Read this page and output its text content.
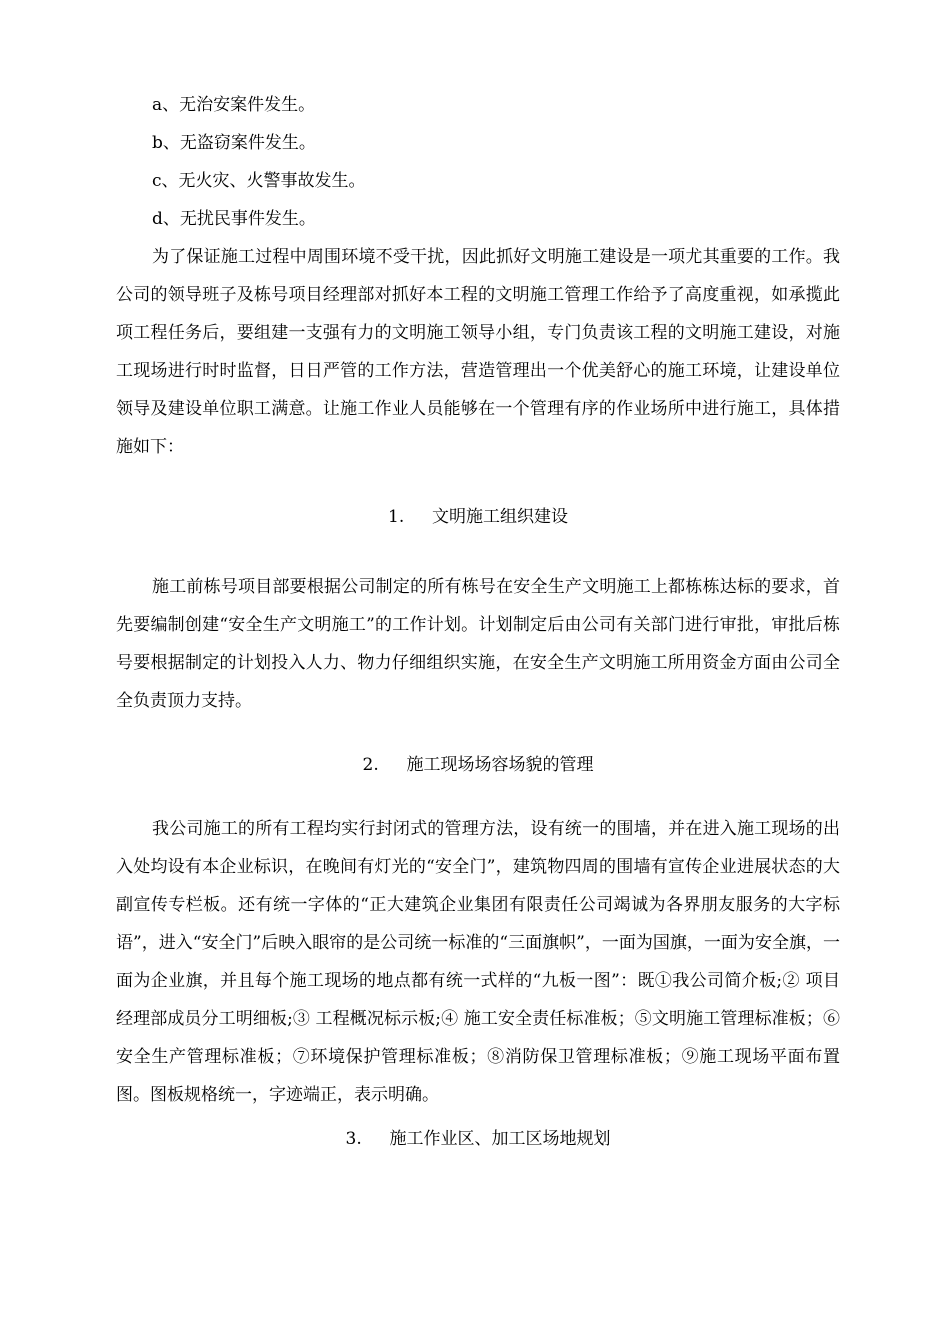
a、无治安案件发生。

b、无盗窃案件发生。

c、无火灾、火警事故发生。

d、无扰民事件发生。

为了保证施工过程中周围环境不受干扰，因此抓好文明施工建设是一项尤其重要的工作。我公司的领导班子及栋号项目经理部对抓好本工程的文明施工管理工作给予了高度重视，如承揽此项工程任务后，要组建一支强有力的文明施工领导小组，专门负责该工程的文明施工建设，对施工现场进行时时监督，日日严管的工作方法，营造管理出一个优美舒心的施工环境，让建设单位领导及建设单位职工满意。让施工作业人员能够在一个管理有序的作业场所中进行施工，具体措施如下：

1. 文明施工组织建设

施工前栋号项目部要根据公司制定的所有栋号在安全生产文明施工上都栋栋达标的要求，首先要编制创建“安全生产文明施工”的工作计划。计划制定后由公司有关部门进行审批，审批后栋号要根据制定的计划投入人力、物力仔细组织实施，在安全生产文明施工所用资金方面由公司全全负责顶力支持。

2. 施工现场场容场貌的管理

我公司施工的所有工程均实行封闭式的管理方法，设有统一的围墙，并在进入施工现场的出入处均设有本企业标识，在晚间有灯光的“安全门”，建筑物四周的围墙有宣传企业进展状态的大副宣传专栏板。还有统一字体的“正大建筑企业集团有限责任公司竭诚为各界朋友服务的大字标语”，进入“安全门”后映入眼帘的是公司统一标准的“三面旗帜”，一面为国旗，一面为安全旗，一面为企业旗，并且每个施工现场的地点都有统一式样的“九板一图”：既①我公司简介板;② 项目经理部成员分工明细板;③ 工程概况标示板;④ 施工安全责任标准板；⑤文明施工管理标准板；⑥安全生产管理标准板；⑦环境保护管理标准板；⑧消防保卫管理标准板；⑨施工现场平面布置图。图板规格统一，字迹端正，表示明确。

3. 施工作业区、加工区场地规划
